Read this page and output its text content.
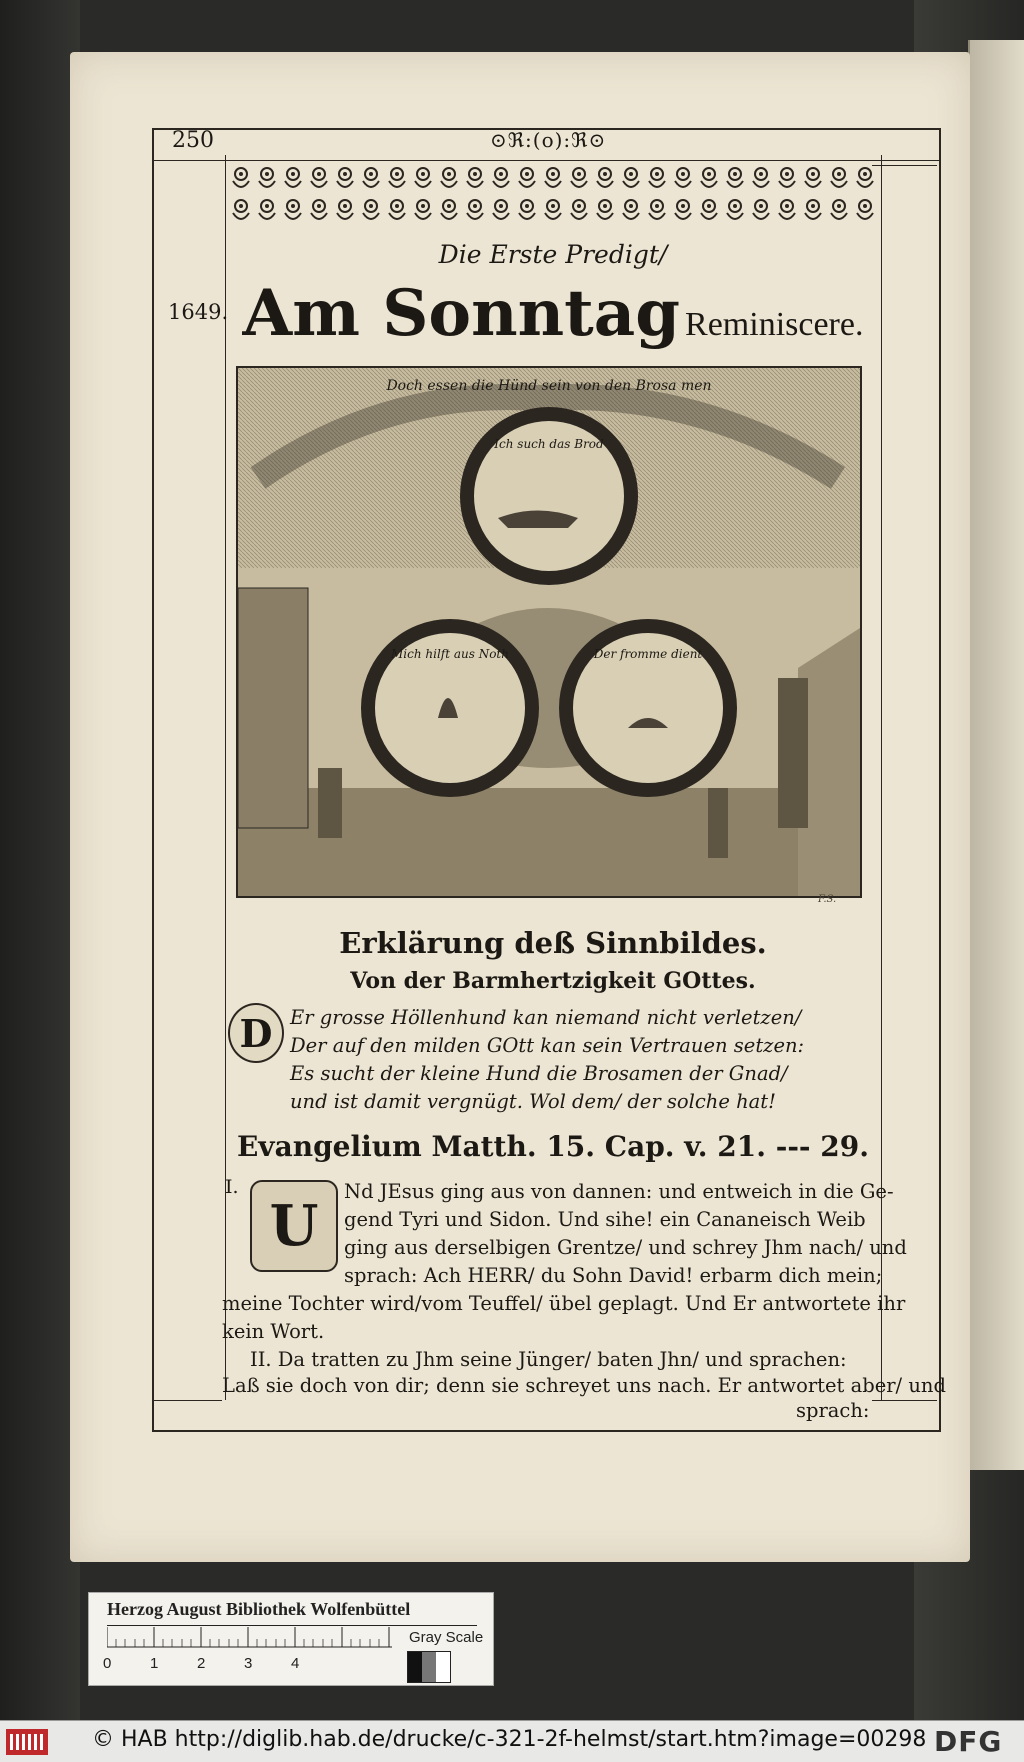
250	⊙ℜ:(o):ℜ⊙
1649.
Die Erste Predigt/
Am Sonntag Reminiscere.
Doch essen die Hünd sein von den Brosa men
Ich such das Brod
Mich hilft aus Noth	Der fromme dient
F.S.
Erklärung deß Sinnbildes.
Von der Barmhertzigkeit GOttes.
D Er grosse Höllenhund kan niemand nicht verletzen/
Der auf den milden GOtt kan sein Vertrauen setzen:
Es sucht der kleine Hund die Brosamen der Gnad/
und ist damit vergnügt. Wol dem/ der solche hat!
Evangelium Matth. 15. Cap. v. 21. --- 29.
I.
U
Nd JEsus ging aus von dannen: und entweich in die Ge-
gend Tyri und Sidon. Und sihe! ein Cananeisch Weib
ging aus derselbigen Grentze/ und schrey Jhm nach/ und
sprach: Ach HERR/ du Sohn David! erbarm dich mein;
meine Tochter wird/vom Teuffel/ übel geplagt. Und Er antwortete ihr
kein Wort.
II. Da tratten zu Jhm seine Jünger/ baten Jhn/ und sprachen:
Laß sie doch von dir; denn sie schreyet uns nach. Er antwortet aber/ und
sprach:
Herzog August Bibliothek Wolfenbüttel
Gray Scale
0	1	2	3	4
© HAB http://diglib.hab.de/drucke/c-321-2f-helmst/start.htm?image=00298 DFG
